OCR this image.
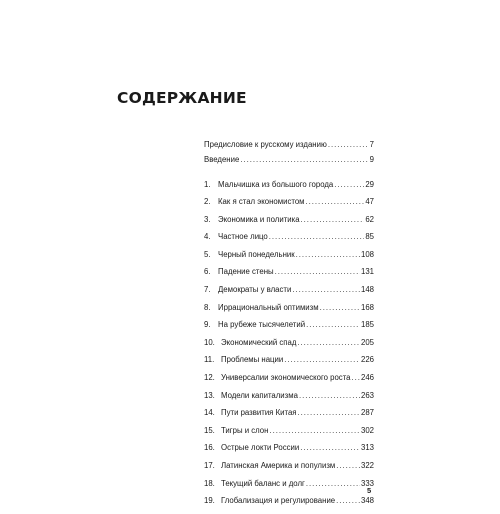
СОДЕРЖАНИЕ
Предисловие к русскому изданию . . .	7
Введение . . .	9
1. Мальчишка из большого города . . .	29
2. Как я стал экономистом . . .	47
3. Экономика и политика . . .	62
4. Частное лицо . . .	85
5. Черный понедельник . . .	108
6. Падение стены . . .	131
7. Демократы у власти . . .	148
8. Иррациональный оптимизм . . .	168
9. На рубеже тысячелетий . . .	185
10. Экономический спад . . .	205
11. Проблемы нации . . .	226
12. Универсалии экономического роста . . . 246
13. Модели капитализма . . .	263
14. Пути развития Китая . . .	287
15. Тигры и слон . . .	302
16. Острые локти России . . .	313
17. Латинская Америка и популизм . . .	322
18. Текущий баланс и долг . . .	333
19. Глобализация и регулирование . . .	348
5
